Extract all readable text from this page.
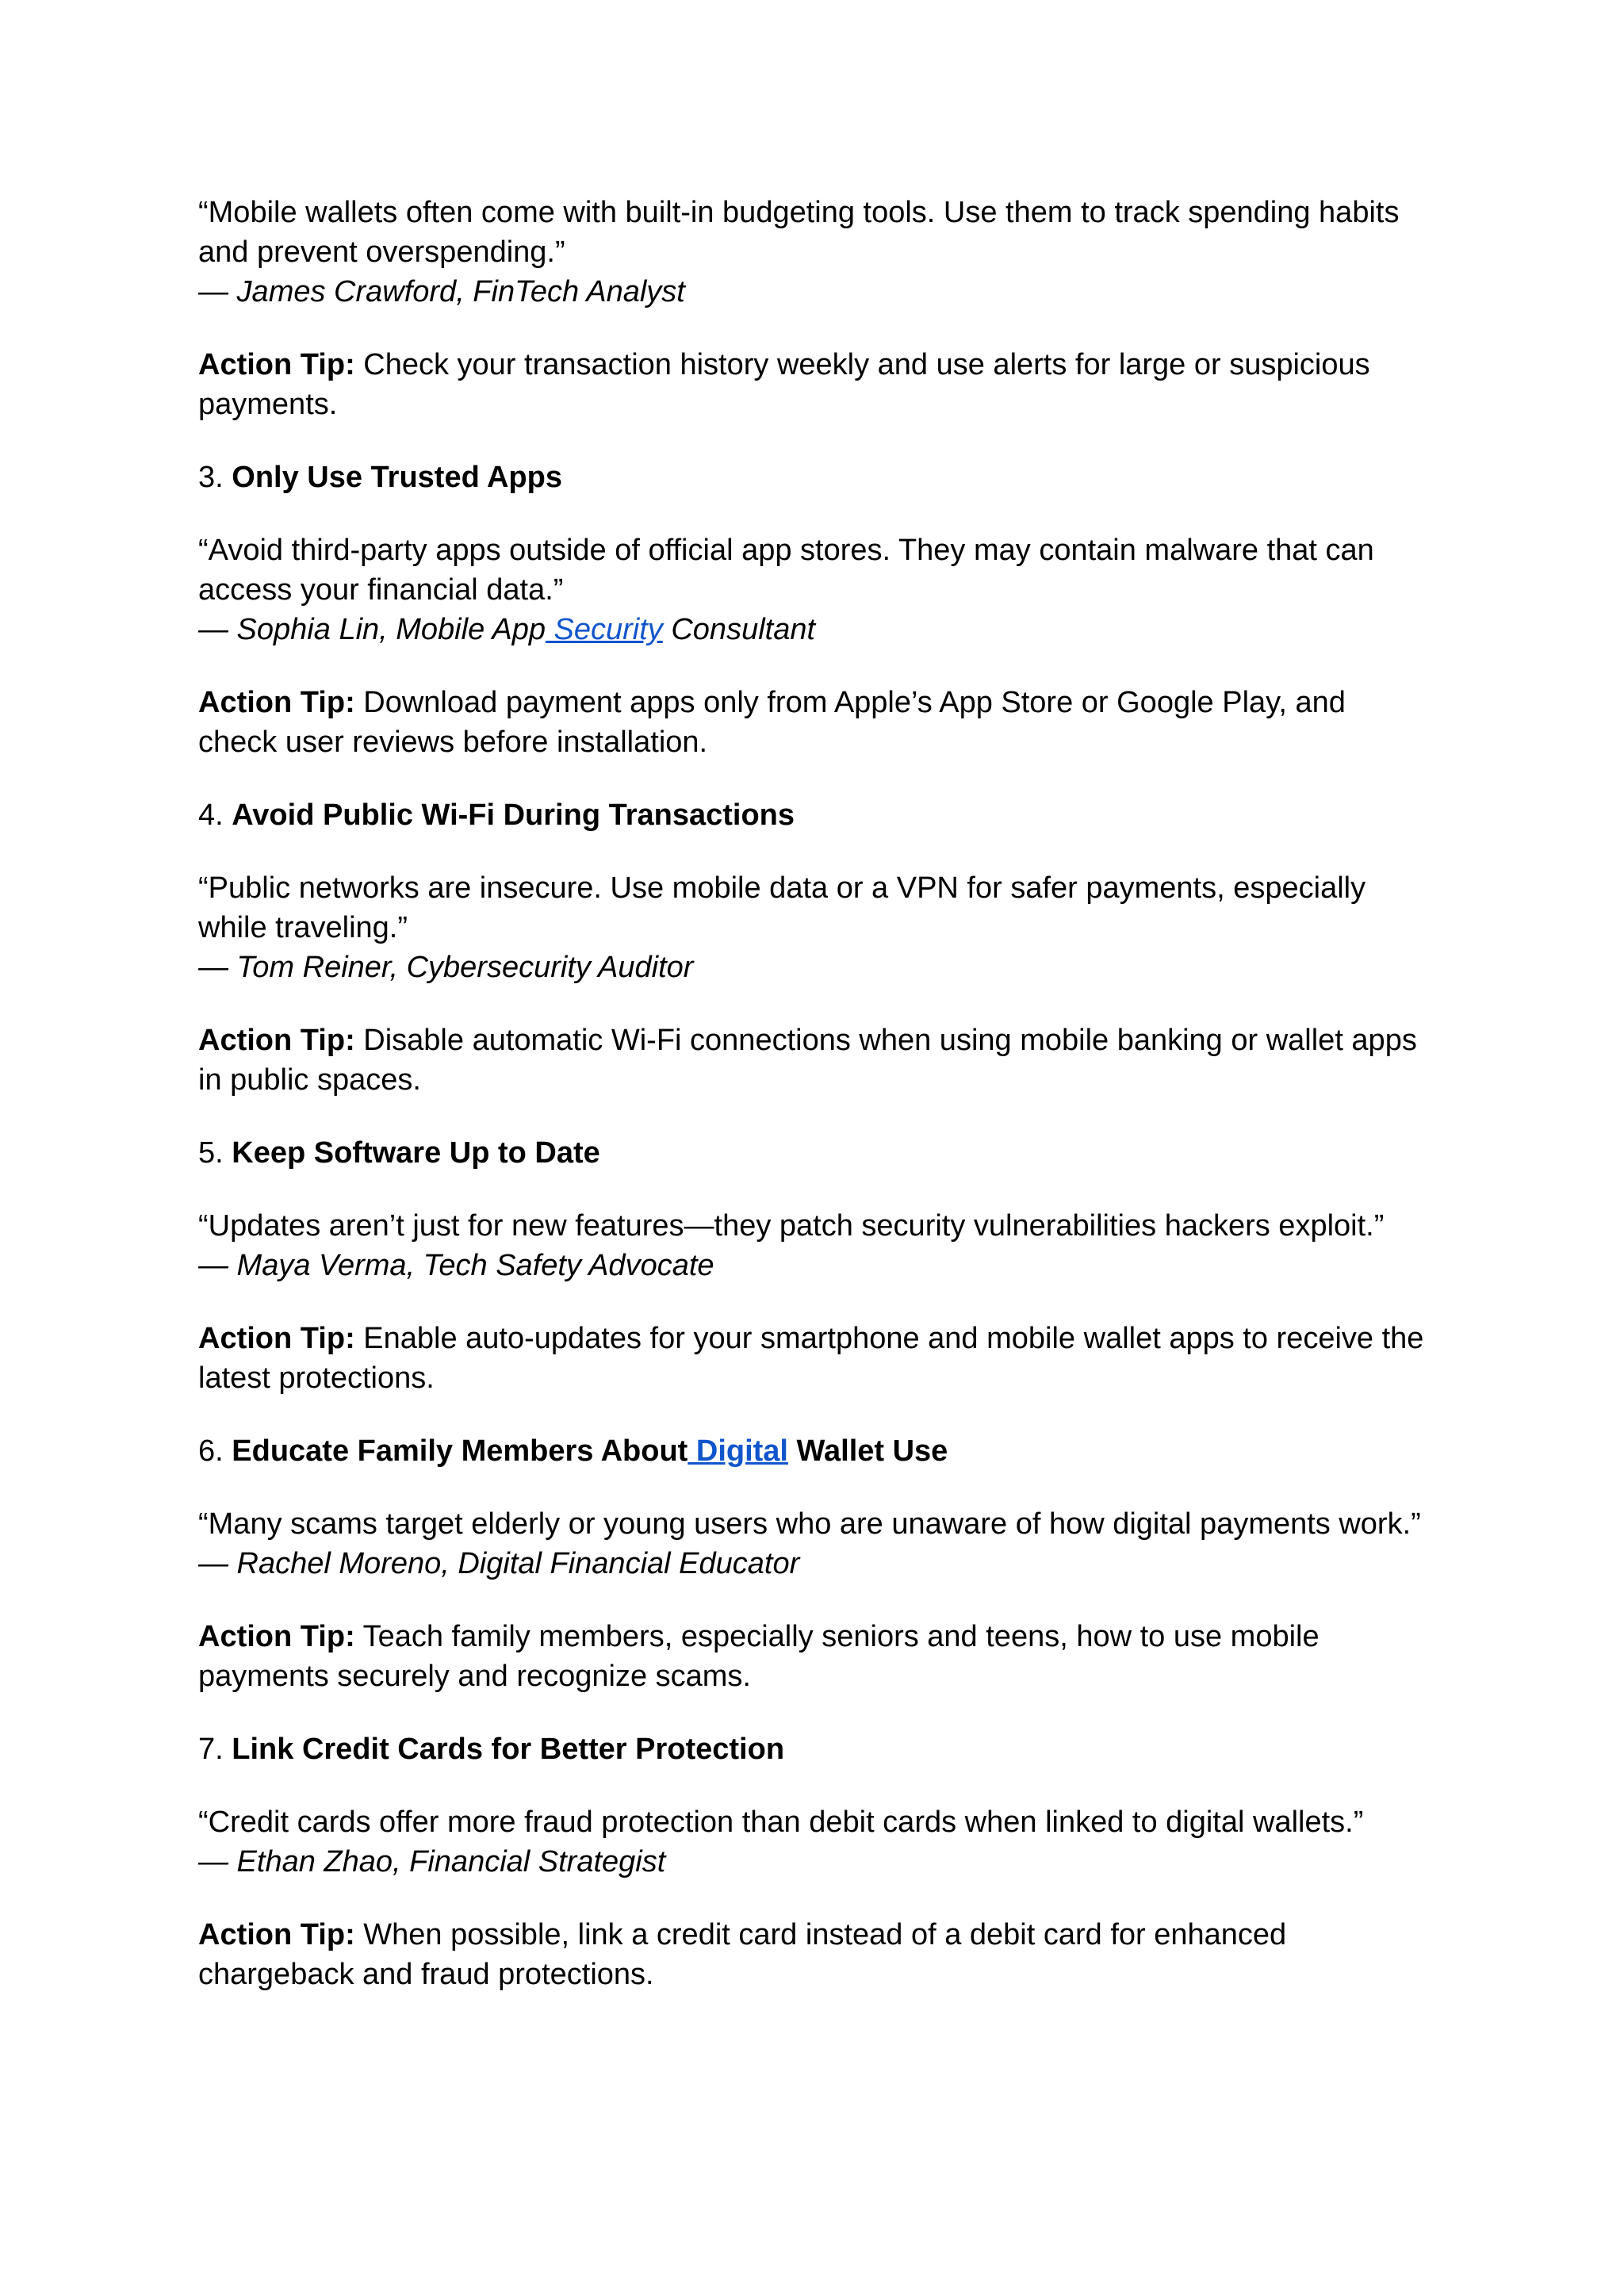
“Mobile wallets often come with built-in budgeting tools. Use them to track spending habits
and prevent overspending.”
— James Crawford, FinTech Analyst
Action Tip: Check your transaction history weekly and use alerts for large or suspicious
payments.
3. Only Use Trusted Apps
“Avoid third-party apps outside of official app stores. They may contain malware that can
access your financial data.”
— Sophia Lin, Mobile App Security Consultant
Action Tip: Download payment apps only from Apple’s App Store or Google Play, and
check user reviews before installation.
4. Avoid Public Wi-Fi During Transactions
“Public networks are insecure. Use mobile data or a VPN for safer payments, especially
while traveling.”
— Tom Reiner, Cybersecurity Auditor
Action Tip: Disable automatic Wi-Fi connections when using mobile banking or wallet apps
in public spaces.
5. Keep Software Up to Date
“Updates aren’t just for new features—they patch security vulnerabilities hackers exploit.”
— Maya Verma, Tech Safety Advocate
Action Tip: Enable auto-updates for your smartphone and mobile wallet apps to receive the
latest protections.
6. Educate Family Members About Digital Wallet Use
“Many scams target elderly or young users who are unaware of how digital payments work.”
— Rachel Moreno, Digital Financial Educator
Action Tip: Teach family members, especially seniors and teens, how to use mobile
payments securely and recognize scams.
7. Link Credit Cards for Better Protection
“Credit cards offer more fraud protection than debit cards when linked to digital wallets.”
— Ethan Zhao, Financial Strategist
Action Tip: When possible, link a credit card instead of a debit card for enhanced
chargeback and fraud protections.
